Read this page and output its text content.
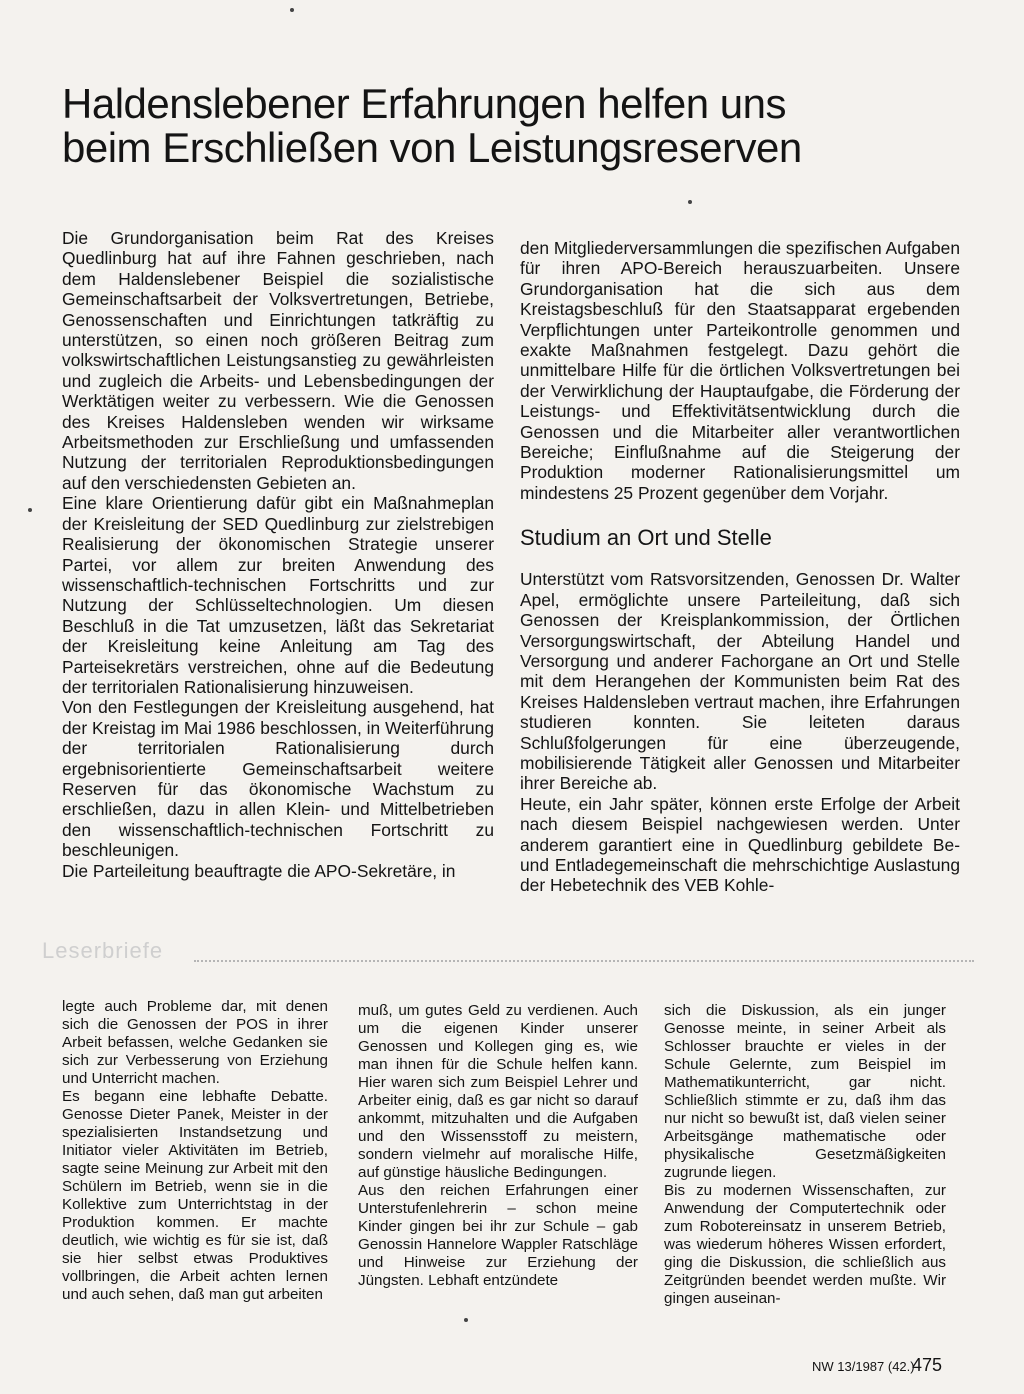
Haldenslebener Erfahrungen helfen uns
beim Erschließen von Leistungsreserven

Die Grundorganisation beim Rat des Kreises Quedlinburg hat auf ihre Fahnen geschrieben, nach dem Haldenslebener Beispiel die sozialistische Gemeinschaftsarbeit der Volksvertretungen, Betriebe, Genossenschaften und Einrichtungen tatkräftig zu unterstützen, so einen noch größeren Beitrag zum volkswirtschaftlichen Leistungsanstieg zu gewährleisten und zugleich die Arbeits- und Lebensbedingungen der Werktätigen weiter zu verbessern. Wie die Genossen des Kreises Haldensleben wenden wir wirksame Arbeitsmethoden zur Erschließung und umfassenden Nutzung der territorialen Reproduktionsbedingungen auf den verschiedensten Gebieten an.

Eine klare Orientierung dafür gibt ein Maßnahmeplan der Kreisleitung der SED Quedlinburg zur zielstrebigen Realisierung der ökonomischen Strategie unserer Partei, vor allem zur breiten Anwendung des wissenschaftlich-technischen Fortschritts und zur Nutzung der Schlüsseltechnologien. Um diesen Beschluß in die Tat umzusetzen, läßt das Sekretariat der Kreisleitung keine Anleitung am Tag des Parteisekretärs verstreichen, ohne auf die Bedeutung der territorialen Rationalisierung hinzuweisen.

Von den Festlegungen der Kreisleitung ausgehend, hat der Kreistag im Mai 1986 beschlossen, in Weiterführung der territorialen Rationalisierung durch ergebnisorientierte Gemeinschaftsarbeit weitere Reserven für das ökonomische Wachstum zu erschließen, dazu in allen Klein- und Mittelbetrieben den wissenschaftlich-technischen Fortschritt zu beschleunigen.

Die Parteileitung beauftragte die APO-Sekretäre, in

den Mitgliederversammlungen die spezifischen Aufgaben für ihren APO-Bereich herauszuarbeiten. Unsere Grundorganisation hat die sich aus dem Kreistagsbeschluß für den Staatsapparat ergebenden Verpflichtungen unter Parteikontrolle genommen und exakte Maßnahmen festgelegt. Dazu gehört die unmittelbare Hilfe für die örtlichen Volksvertretungen bei der Verwirklichung der Hauptaufgabe, die Förderung der Leistungs- und Effektivitätsentwicklung durch die Genossen und die Mitarbeiter aller verantwortlichen Bereiche; Einflußnahme auf die Steigerung der Produktion moderner Rationalisierungsmittel um mindestens 25 Prozent gegenüber dem Vorjahr.

Studium an Ort und Stelle

Unterstützt vom Ratsvorsitzenden, Genossen Dr. Walter Apel, ermöglichte unsere Parteileitung, daß sich Genossen der Kreisplankommission, der Örtlichen Versorgungswirtschaft, der Abteilung Handel und Versorgung und anderer Fachorgane an Ort und Stelle mit dem Herangehen der Kommunisten beim Rat des Kreises Haldensleben vertraut machen, ihre Erfahrungen studieren konnten. Sie leiteten daraus Schlußfolgerungen für eine überzeugende, mobilisierende Tätigkeit aller Genossen und Mitarbeiter ihrer Bereiche ab.

Heute, ein Jahr später, können erste Erfolge der Arbeit nach diesem Beispiel nachgewiesen werden. Unter anderem garantiert eine in Quedlinburg gebildete Be- und Entladegemeinschaft die mehrschichtige Auslastung der Hebetechnik des VEB Kohle-

Leserbriefe

legte auch Probleme dar, mit denen sich die Genossen der POS in ihrer Arbeit befassen, welche Gedanken sie sich zur Verbesserung von Erziehung und Unterricht machen.

Es begann eine lebhafte Debatte. Genosse Dieter Panek, Meister in der spezialisierten Instandsetzung und Initiator vieler Aktivitäten im Betrieb, sagte seine Meinung zur Arbeit mit den Schülern im Betrieb, wenn sie in die Kollektive zum Unterrichtstag in der Produktion kommen. Er machte deutlich, wie wichtig es für sie ist, daß sie hier selbst etwas Produktives vollbringen, die Arbeit achten lernen und auch sehen, daß man gut arbeiten

muß, um gutes Geld zu verdienen. Auch um die eigenen Kinder unserer Genossen und Kollegen ging es, wie man ihnen für die Schule helfen kann. Hier waren sich zum Beispiel Lehrer und Arbeiter einig, daß es gar nicht so darauf ankommt, mitzuhalten und die Aufgaben und den Wissensstoff zu meistern, sondern vielmehr auf moralische Hilfe, auf günstige häusliche Bedingungen.

Aus den reichen Erfahrungen einer Unterstufenlehrerin – schon meine Kinder gingen bei ihr zur Schule – gab Genossin Hannelore Wappler Ratschläge und Hinweise zur Erziehung der Jüngsten. Lebhaft entzündete

sich die Diskussion, als ein junger Genosse meinte, in seiner Arbeit als Schlosser brauchte er vieles in der Schule Gelernte, zum Beispiel im Mathematikunterricht, gar nicht. Schließlich stimmte er zu, daß ihm das nur nicht so bewußt ist, daß vielen seiner Arbeitsgänge mathematische oder physikalische Gesetzmäßigkeiten zugrunde liegen.

Bis zu modernen Wissenschaften, zur Anwendung der Computertechnik oder zum Robotereinsatz in unserem Betrieb, was wiederum höheres Wissen erfordert, ging die Diskussion, die schließlich aus Zeitgründen beendet werden mußte. Wir gingen auseinan-

NW 13/1987 (42.)
475
